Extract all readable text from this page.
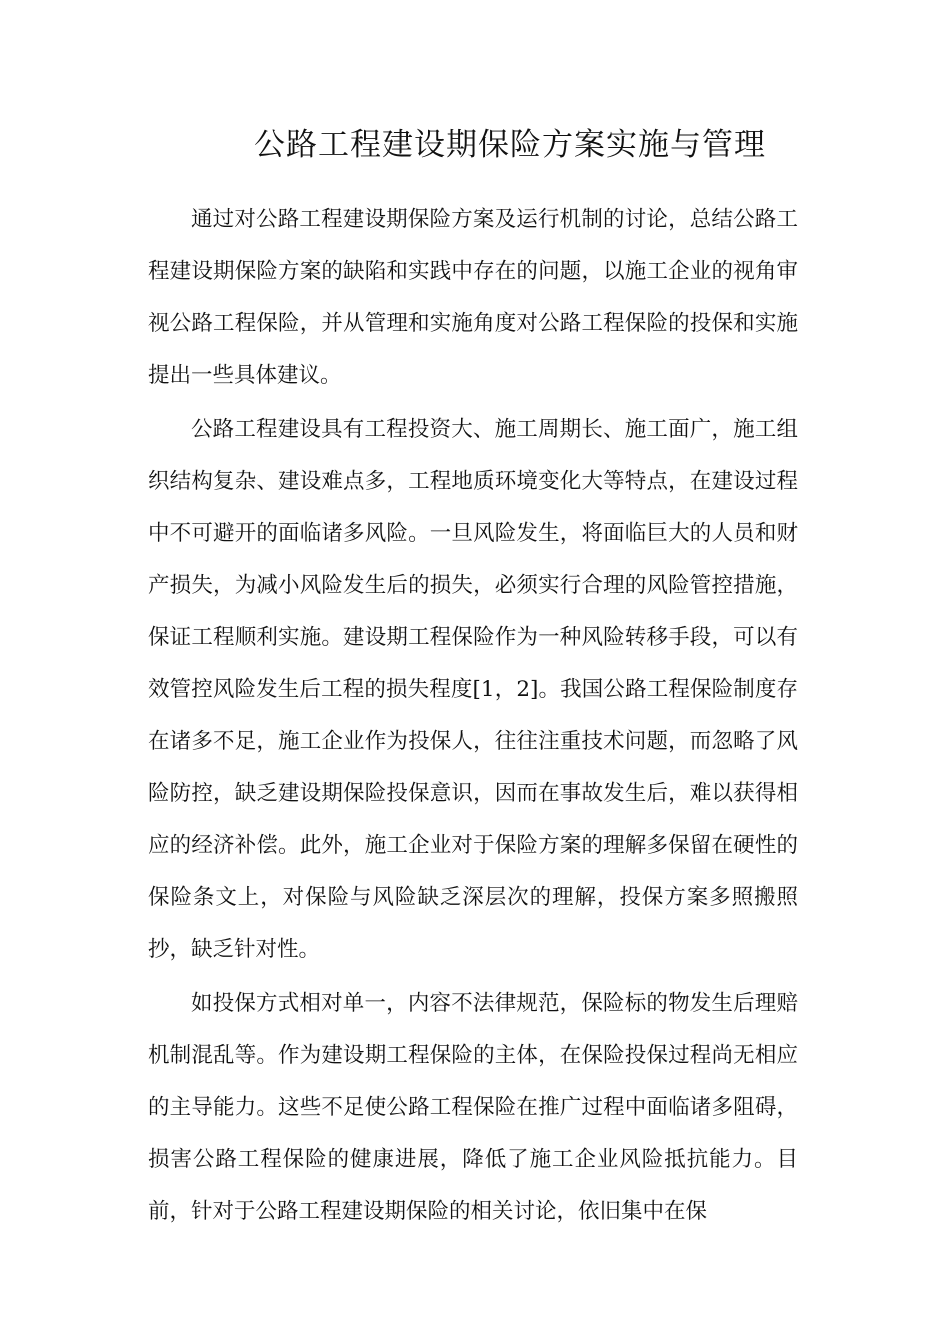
公路工程建设期保险方案实施与管理

通过对公路工程建设期保险方案及运行机制的讨论，总结公路工程建设期保险方案的缺陷和实践中存在的问题，以施工企业的视角审视公路工程保险，并从管理和实施角度对公路工程保险的投保和实施提出一些具体建议。

公路工程建设具有工程投资大、施工周期长、施工面广，施工组织结构复杂、建设难点多，工程地质环境变化大等特点，在建设过程中不可避开的面临诸多风险。一旦风险发生，将面临巨大的人员和财产损失，为减小风险发生后的损失，必须实行合理的风险管控措施，保证工程顺利实施。建设期工程保险作为一种风险转移手段，可以有效管控风险发生后工程的损失程度[1，2]。我国公路工程保险制度存在诸多不足，施工企业作为投保人，往往注重技术问题，而忽略了风险防控，缺乏建设期保险投保意识，因而在事故发生后，难以获得相应的经济补偿。此外，施工企业对于保险方案的理解多保留在硬性的保险条文上，对保险与风险缺乏深层次的理解，投保方案多照搬照抄，缺乏针对性。

如投保方式相对单一，内容不法律规范，保险标的物发生后理赔机制混乱等。作为建设期工程保险的主体，在保险投保过程尚无相应的主导能力。这些不足使公路工程保险在推广过程中面临诸多阻碍，损害公路工程保险的健康进展，降低了施工企业风险抵抗能力。目前，针对于公路工程建设期保险的相关讨论，依旧集中在保
